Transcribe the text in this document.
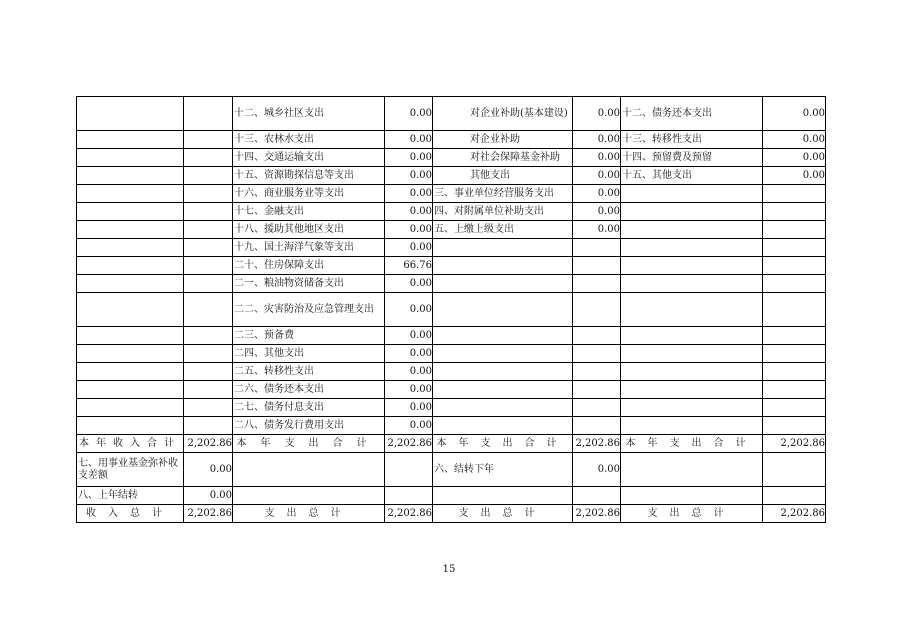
		十二、城乡社区支出	0.00	对企业补助(基本建设)	0.00	十二、债务还本支出	0.00
		十三、农林水支出	0.00	对企业补助	0.00	十三、转移性支出	0.00
		十四、交通运输支出	0.00	对社会保障基金补助	0.00	十四、预留费及预留	0.00
		十五、资源勘探信息等支出	0.00	其他支出	0.00	十五、其他支出	0.00
		十六、商业服务业等支出	0.00	三、事业单位经营服务支出	0.00		
		十七、金融支出	0.00	四、对附属单位补助支出	0.00		
		十八、援助其他地区支出	0.00	五、上缴上级支出	0.00		
		十九、国土海洋气象等支出	0.00				
		二十、住房保障支出	66.76				
		二一、粮油物资储备支出	0.00				
		二二、灾害防治及应急管理支出	0.00				
		二三、预备费	0.00				
		二四、其他支出	0.00				
		二五、转移性支出	0.00				
		二六、债务还本支出	0.00				
		二七、债务付息支出	0.00				
		二八、债务发行费用支出	0.00				
本年收入合计	2,202.86	本年支出合计	2,202.86	本年支出合计	2,202.86	本年支出合计	2,202.86
七、用事业基金弥补收支差额	0.00			六、结转下年	0.00		
八、上年结转	0.00						
收入总计	2,202.86	支出总计	2,202.86	支出总计	2,202.86	支出总计	2,202.86
15
